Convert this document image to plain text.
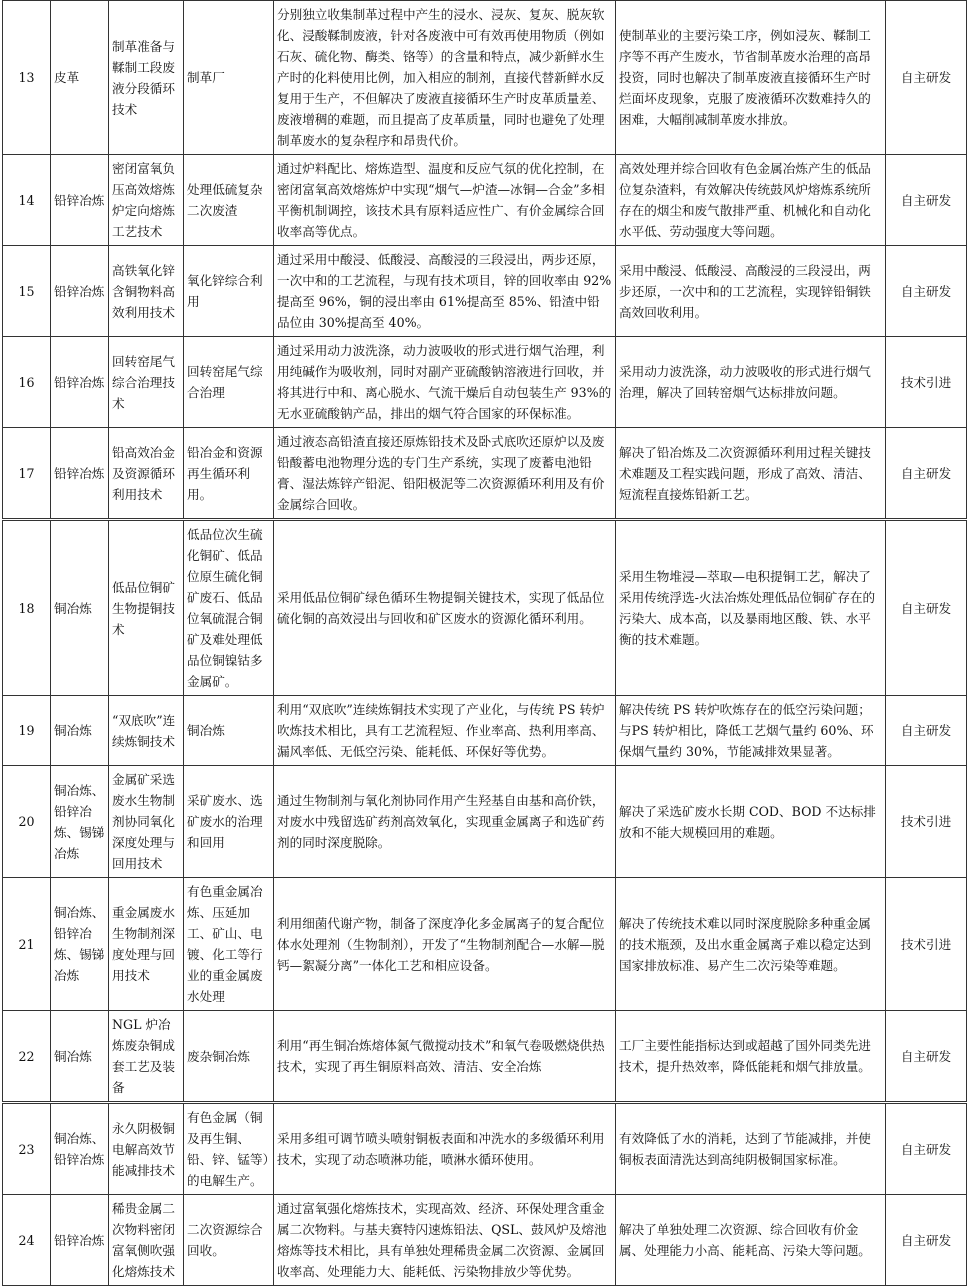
13	皮革	制革准备与鞣制工段废液分段循环技术	制革厂	分别独立收集制革过程中产生的浸水、浸灰、复灰、脱灰软化、浸酸鞣制废液，针对各废液中可有效再使用物质（例如石灰、硫化物、酶类、铬等）的含量和特点，减少新鲜水生产时的化料使用比例，加入相应的制剂，直接代替新鲜水反复用于生产，不但解决了废液直接循环生产时皮革质量差、废液增稠的难题，而且提高了皮革质量，同时也避免了处理制革废水的复杂程序和昂贵代价。	使制革业的主要污染工序，例如浸灰、鞣制工序等不再产生废水，节省制革废水治理的高昂投资，同时也解决了制革废液直接循环生产时烂面坏皮现象，克服了废液循环次数难持久的困难，大幅削减制革废水排放。	自主研发
14	铅锌冶炼	密闭富氧负压高效熔炼炉定向熔炼工艺技术	处理低硫复杂二次废渣	通过炉料配比、熔炼造型、温度和反应气氛的优化控制，在密闭富氧高效熔炼炉中实现“烟气—炉渣—冰铜—合金”多相平衡机制调控，该技术具有原料适应性广、有价金属综合回收率高等优点。	高效处理并综合回收有色金属冶炼产生的低品位复杂渣料，有效解决传统鼓风炉熔炼系统所存在的烟尘和废气散排严重、机械化和自动化水平低、劳动强度大等问题。	自主研发
15	铅锌冶炼	高铁氧化锌含铜物料高效利用技术	氧化锌综合利用	通过采用中酸浸、低酸浸、高酸浸的三段浸出，两步还原，一次中和的工艺流程，与现有技术项目，锌的回收率由 92%提高至 96%，铜的浸出率由 61%提高至 85%、铅渣中铅品位由 30%提高至 40%。	采用中酸浸、低酸浸、高酸浸的三段浸出，两步还原，一次中和的工艺流程，实现锌铅铜铁高效回收利用。	自主研发
16	铅锌冶炼	回转窑尾气综合治理技术	回转窑尾气综合治理	通过采用动力波洗涤，动力波吸收的形式进行烟气治理，利用纯碱作为吸收剂，同时对副产亚硫酸钠溶液进行回收，并将其进行中和、离心脱水、气流干燥后自动包装生产 93%的无水亚硫酸钠产品，排出的烟气符合国家的环保标准。	采用动力波洗涤，动力波吸收的形式进行烟气治理，解决了回转窑烟气达标排放问题。	技术引进
17	铅锌冶炼	铅高效冶金及资源循环利用技术	铅冶金和资源再生循环利用。	通过液态高铅渣直接还原炼铅技术及卧式底吹还原炉以及废铅酸蓄电池物理分选的专门生产系统，实现了废蓄电池铅膏、湿法炼锌产铅泥、铅阳极泥等二次资源循环利用及有价金属综合回收。	解决了铅冶炼及二次资源循环利用过程关键技术难题及工程实践问题，形成了高效、清洁、短流程直接炼铅新工艺。	自主研发
18	铜冶炼	低品位铜矿生物提铜技术	低品位次生硫化铜矿、低品位原生硫化铜矿废石、低品位氧硫混合铜矿及难处理低品位铜镍钴多金属矿。	采用低品位铜矿绿色循环生物提铜关键技术，实现了低品位硫化铜的高效浸出与回收和矿区废水的资源化循环利用。	采用生物堆浸—萃取—电积提铜工艺，解决了采用传统浮选-火法冶炼处理低品位铜矿存在的污染大、成本高，以及暴雨地区酸、铁、水平衡的技术难题。	自主研发
19	铜冶炼	“双底吹”连续炼铜技术	铜冶炼	利用“双底吹”连续炼铜技术实现了产业化，与传统 PS 转炉吹炼技术相比，具有工艺流程短、作业率高、热利用率高、漏风率低、无低空污染、能耗低、环保好等优势。	解决传统 PS 转炉吹炼存在的低空污染问题；与PS 转炉相比，降低工艺烟气量约 60%、环保烟气量约 30%，节能减排效果显著。	自主研发
20	铜冶炼、铅锌冶炼、锡锑冶炼	金属矿采选废水生物制剂协同氧化深度处理与回用技术	采矿废水、选矿废水的治理和回用	通过生物制剂与氧化剂协同作用产生羟基自由基和高价铁，对废水中残留选矿药剂高效氧化，实现重金属离子和选矿药剂的同时深度脱除。	解决了采选矿废水长期 COD、BOD 不达标排放和不能大规模回用的难题。	技术引进
21	铜冶炼、铅锌冶炼、锡锑冶炼	重金属废水生物制剂深度处理与回用技术	有色重金属冶炼、压延加工、矿山、电镀、化工等行业的重金属废水处理	利用细菌代谢产物，制备了深度净化多金属离子的复合配位体水处理剂（生物制剂），开发了“生物制剂配合—水解—脱钙—絮凝分离”一体化工艺和相应设备。	解决了传统技术难以同时深度脱除多种重金属的技术瓶颈，及出水重金属离子难以稳定达到国家排放标准、易产生二次污染等难题。	技术引进
22	铜冶炼	NGL 炉冶炼废杂铜成套工艺及装备	废杂铜冶炼	利用“再生铜冶炼熔体氮气微搅动技术”和氧气卷吸燃烧供热技术，实现了再生铜原料高效、清洁、安全冶炼	工厂主要性能指标达到或超越了国外同类先进技术，提升热效率，降低能耗和烟气排放量。	自主研发
23	铜冶炼、铅锌冶炼	永久阴极铜电解高效节能减排技术	有色金属（铜及再生铜、铅、锌、锰等）的电解生产。	采用多组可调节喷头喷射铜板表面和冲洗水的多级循环利用技术，实现了动态喷淋功能，喷淋水循环使用。	有效降低了水的消耗，达到了节能减排，并使铜板表面清洗达到高纯阴极铜国家标准。	自主研发
24	铅锌冶炼	稀贵金属二次物料密闭富氧侧吹强化熔炼技术	二次资源综合回收。	通过富氧强化熔炼技术，实现高效、经济、环保处理含重金属二次物料。与基夫赛特闪速炼铅法、QSL、鼓风炉及熔池熔炼等技术相比，具有单独处理稀贵金属二次资源、金属回收率高、处理能力大、能耗低、污染物排放少等优势。	解决了单独处理二次资源、综合回收有价金属、处理能力小高、能耗高、污染大等问题。	自主研发
